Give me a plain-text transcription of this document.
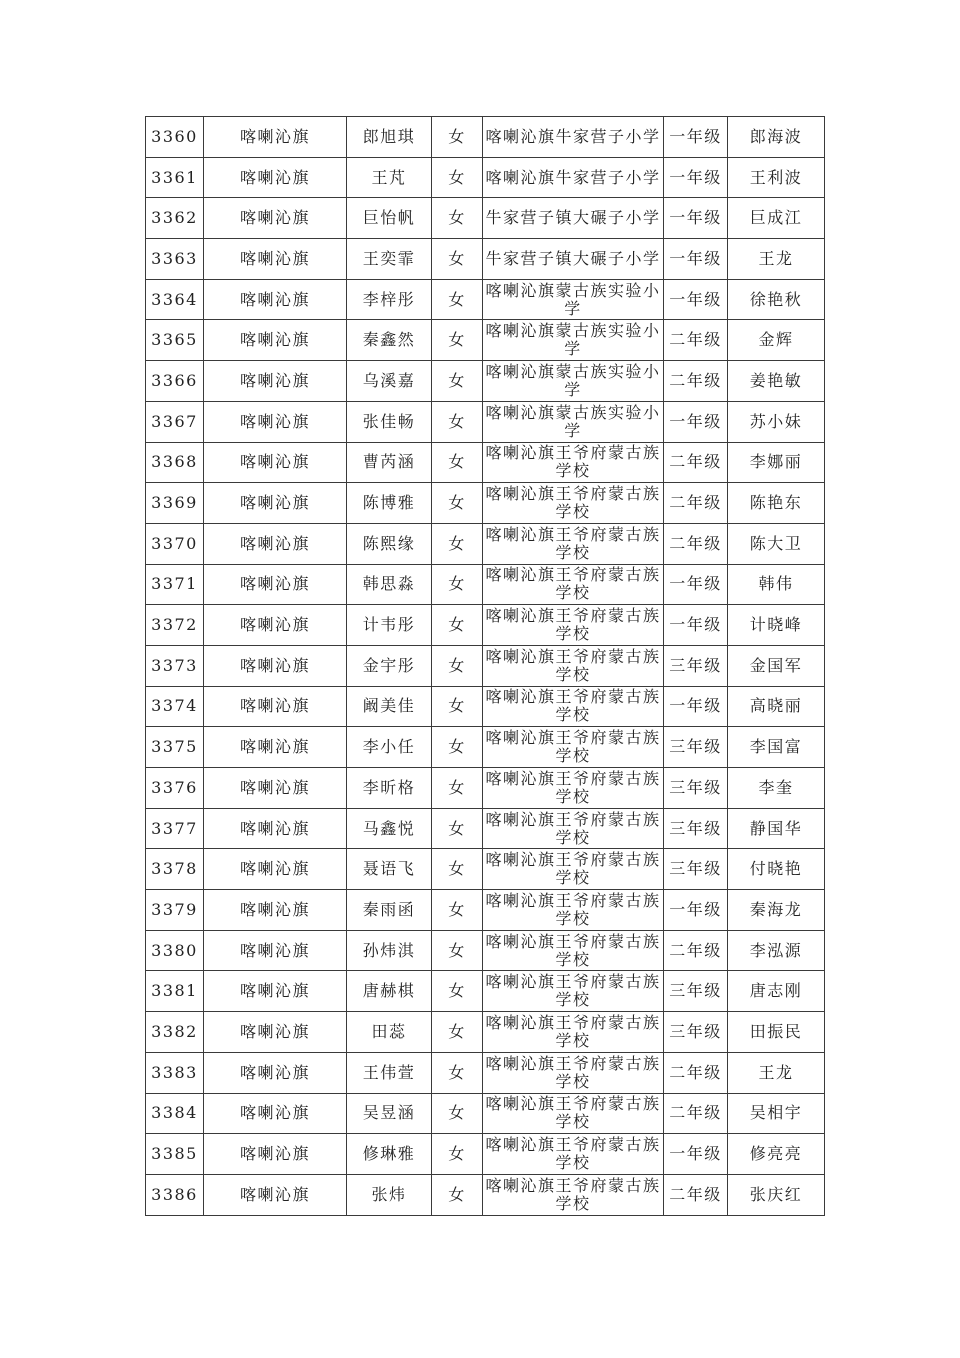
3360	喀喇沁旗	郎旭琪	女	喀喇沁旗牛家营子小学	一年级	郎海波
3361	喀喇沁旗	王芃	女	喀喇沁旗牛家营子小学	一年级	王利波
3362	喀喇沁旗	巨怡帆	女	牛家营子镇大碾子小学	一年级	巨成江
3363	喀喇沁旗	王奕霏	女	牛家营子镇大碾子小学	一年级	王龙
3364	喀喇沁旗	李梓彤	女	喀喇沁旗蒙古族实验小学	一年级	徐艳秋
3365	喀喇沁旗	秦鑫然	女	喀喇沁旗蒙古族实验小学	二年级	金辉
3366	喀喇沁旗	乌溪嘉	女	喀喇沁旗蒙古族实验小学	二年级	姜艳敏
3367	喀喇沁旗	张佳畅	女	喀喇沁旗蒙古族实验小学	一年级	苏小妹
3368	喀喇沁旗	曹芮涵	女	喀喇沁旗王爷府蒙古族学校	二年级	李娜丽
3369	喀喇沁旗	陈博雅	女	喀喇沁旗王爷府蒙古族学校	二年级	陈艳东
3370	喀喇沁旗	陈熙缘	女	喀喇沁旗王爷府蒙古族学校	二年级	陈大卫
3371	喀喇沁旗	韩思淼	女	喀喇沁旗王爷府蒙古族学校	一年级	韩伟
3372	喀喇沁旗	计韦彤	女	喀喇沁旗王爷府蒙古族学校	一年级	计晓峰
3373	喀喇沁旗	金宇彤	女	喀喇沁旗王爷府蒙古族学校	三年级	金国军
3374	喀喇沁旗	阚美佳	女	喀喇沁旗王爷府蒙古族学校	一年级	高晓丽
3375	喀喇沁旗	李小任	女	喀喇沁旗王爷府蒙古族学校	三年级	李国富
3376	喀喇沁旗	李昕格	女	喀喇沁旗王爷府蒙古族学校	三年级	李奎
3377	喀喇沁旗	马鑫悦	女	喀喇沁旗王爷府蒙古族学校	三年级	静国华
3378	喀喇沁旗	聂语飞	女	喀喇沁旗王爷府蒙古族学校	三年级	付晓艳
3379	喀喇沁旗	秦雨函	女	喀喇沁旗王爷府蒙古族学校	一年级	秦海龙
3380	喀喇沁旗	孙炜淇	女	喀喇沁旗王爷府蒙古族学校	二年级	李泓源
3381	喀喇沁旗	唐赫棋	女	喀喇沁旗王爷府蒙古族学校	三年级	唐志刚
3382	喀喇沁旗	田蕊	女	喀喇沁旗王爷府蒙古族学校	三年级	田振民
3383	喀喇沁旗	王伟萱	女	喀喇沁旗王爷府蒙古族学校	二年级	王龙
3384	喀喇沁旗	吴昱涵	女	喀喇沁旗王爷府蒙古族学校	二年级	吴相宇
3385	喀喇沁旗	修琳雅	女	喀喇沁旗王爷府蒙古族学校	一年级	修亮亮
3386	喀喇沁旗	张炜	女	喀喇沁旗王爷府蒙古族学校	二年级	张庆红
